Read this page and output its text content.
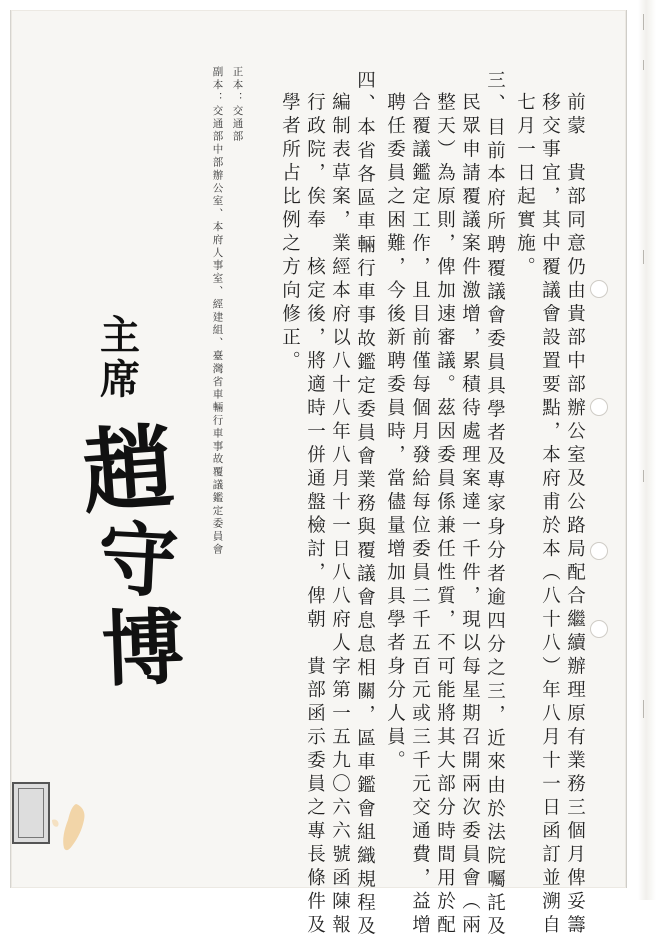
前蒙　貴部同意仍由貴部中部辦公室及公路局配合繼續辦理原有業務三個月俾妥籌
移交事宜，其中覆議會設置要點，本府甫於本（八十八）年八月十一日函訂並溯自
七月一日起實施。
三、目前本府所聘覆議會委員具學者及專家身分者逾四分之三，近來由於法院囑託及
民眾申請覆議案件激增，累積待處理案達一千件，現以每星期召開兩次委員會（兩
整天）為原則，俾加速審議。茲因委員係兼任性質，不可能將其大部分時間用於配
合覆議鑑定工作，且目前僅每個月發給每位委員二千五百元或三千元交通費，益增
聘任委員之困難，今後新聘委員時，當儘量增加具學者身分人員。
四、本省各區車輛行車事故鑑定委員會業務與覆議會息息相關，區車鑑會組織規程及
編制表草案，業經本府以八十八年八月十一日八八府人字第一五九〇六六號函陳報
行政院，俟奉　核定後，將適時一併通盤檢討，俾朝　貴部函示委員之專長條件及
學者所占比例之方向修正。
正本：交通部
副本：交通部中部辦公室、本府人事室、經建組、臺灣省車輛行車事故覆議鑑定委員會
主
席
趙
守
博
